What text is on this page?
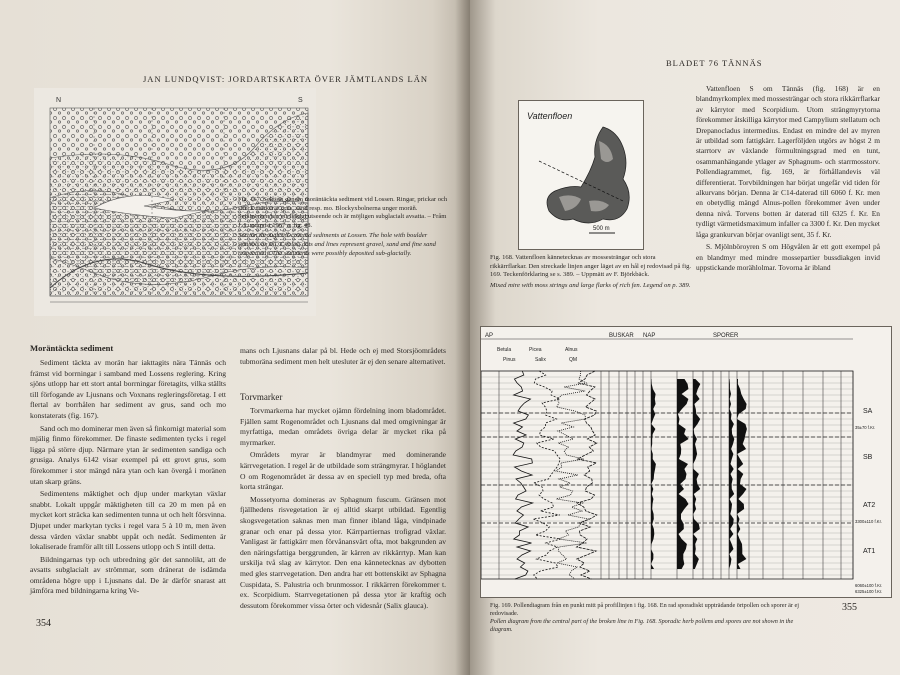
JAN LUNDQVIST: JORDARTSKARTA ÖVER JÄMTLANDS LÄN
N	S
Fig. 167. Sektion genom moräntäckta sediment vid Lossen. Ringar, prickar och streck markerar grus, sand resp. mo. Blockyxbolnerna unger moräň. Sedimenten har ett fläkigt utseende och är möjligen subglacialt avsatta. – Fråm J. Lundqvist 1967 a, fig. 48.
Section through till-covered sediments at Lossen. The hole with boulder symbols on till. Circles, dots and lines represent gravel, sand and fine sand respectively. The sediments were possibly deposited sub-glacially.
Moräntäckta sediment

Sediment täckta av morän har iakttagits nära Tännäs och främst vid borrningar i samband med Lossens reglering. Kring sjöns utlopp har ett stort antal borrningar företagits, vilka ställts till förfogande av Ljusnans och Voxnans regleringsföretag. I ett flertal av borrhålen har sediment av grus, sand och mo konstaterats (fig. 167).

Sand och mo dominerar men även så finkornigt material som mjälig finmo förekommer. De finaste sedimenten tycks i regel ligga på större djup. Närmare ytan är sedimenten sandiga och grusiga. Analys 6142 visar exempel på ett grovt grus, som förekommer i stor mängd nära ytan och kan övergå i moränen utan skarp gräns.

Sedimentens mäktighet och djup under markytan växlar snabbt. Lokalt uppgår mäktigheten till ca 20 m men på en mycket kort sträcka kan sedimenten tunna ut och helt försvinna. Djupet under markytan tycks i regel vara 5 à 10 m, men även dessa värden växlar snabbt uppåt och nedåt. Sedimenten är lokaliserade framför allt till Lossens utlopp och S intill detta.

Bildningarnas typ och utbredning gör det sannolikt, att de avsatts subglacialt av strömmar, som dränerat de isdämda områdena högre upp i Ljusnans dal. De är därför snarast att jämföra med bildningarna kring Ve-

mans och Ljusnans dalar på bl. Hede och ej med Storsjöområdets tubmoränа sediment men helt utesluter är ej den senare alternativet.

Torvmarker

Torvmarkerna har mycket ojämn fördelning inom bladområdet. Fjällen samt Rogenområdet och Ljusnans dal med omgivningar är myrfattiga, medan områdets övriga delar är mycket rika på myrmarker.

Områdets myrar är blandmyrar med dominerande kärrvegetation. I regel är de utbildade som strängmyrar. I höglandet O om Rogenområdet är dessa av en speciell typ med breda, ofta korta strängar.

Mossetyorna domineras av Sphagnum fuscum. Gränsen mot fjällhedens risvegetation är ej alltid skarpt utbildad. Egentlig skogsvegetation saknas men man finner ibland låga, vindpinade granar och enar på dessa ytor. Kärrpartiernas trofigrad växlar. Vanligast är fattigkärr men förvånansvärt ofta, mot bakgrunden av den näringsfattiga berggrunden, är kärren av rikkärrtyp. Man kan urskilja två slag av kärrytor. Den ena kännetecknas av dybotten med gles starrvegetation. Den andra har ett bottenskikt av Sphagna Cuspidata, S. Palustria och brunmossor. I rikkärren förekommer t. ex. Scorpidium. Starrvegetationen på dessa ytor är kraftig och dessutom förekommer vissa örter och videsnår (Salix glauca).

354
BLADET 76 TÄNNÄS
Vattenfloen
500 m
Fig. 168. Vattenfloen kännetecknas av mossesträngar och stora rikkärrflarkar. Den streckade linjen anger läget av en hål ej redovisad på fig. 169. Teckenförklaring se s. 389. – Uppmätt av F. Björkbäck.
Mixed mire with moss strings and large flarks of rich fen. Legend on p. 389.

Vattenfloen S om Tännäs (fig. 168) är en blandmyrkomplex med mossesträngar och stora rikkärrflarkar av kärrytor med Scorpidium. Utom strängmyrytorna förekommer åtskilliga kärrytor med Campylium stellatum och Drepanocladus intermedius. Endast en mindre del av myren är utbildad som fattigkärr. Lagerföljden utgörs av högst 2 m starrtorv av växlande förmultningsgrad med en tunt, osammanhängande ytlager av Sphagnum- och starrmosstorv. Pollendiagrammet, fig. 169, är förhållandevis väl differentierat. Torvbildningen har börjat ungefär vid tiden för alkurvans början. Denna är C14-daterad till 6060 f. Kr. men en obetydlig mängd Alnus-pollen förekommer även under denna nivå. Torvens botten är daterad till 6325 f. Kr. En tydligt värmetidsmaximum infaller ca 3300 f. Kr. Den mycket låga grankurvan börjar ovanligt sent, 35 f. Kr.

S. Mjölnböroyren S om Högvålen är ett gott exempel på en blandmyr med mindre mossepartier bussdiakgen invid uppstickande morählolmar. Tovorna är ibland

AP	BUSKAR NAP	SPORER
Betula	Picea	Alnus
Pinus	Salix	QM
SA
SB
AT2
AT1
35±70 f.Kr.
3300±110 f.Kr.
6060±100 f.Kr.
6325±100 f.Kr.
Fig. 169. Pollendiagram från en punkt mitt på profillinjen i fig. 168. En rad sporadiskt uppträdande örtpollen och sporer är ej redovisade.
Pollen diagram from the central part of the broken line in Fig. 168. Sporadic herb pollens and spores are not shown in the diagram.
355
